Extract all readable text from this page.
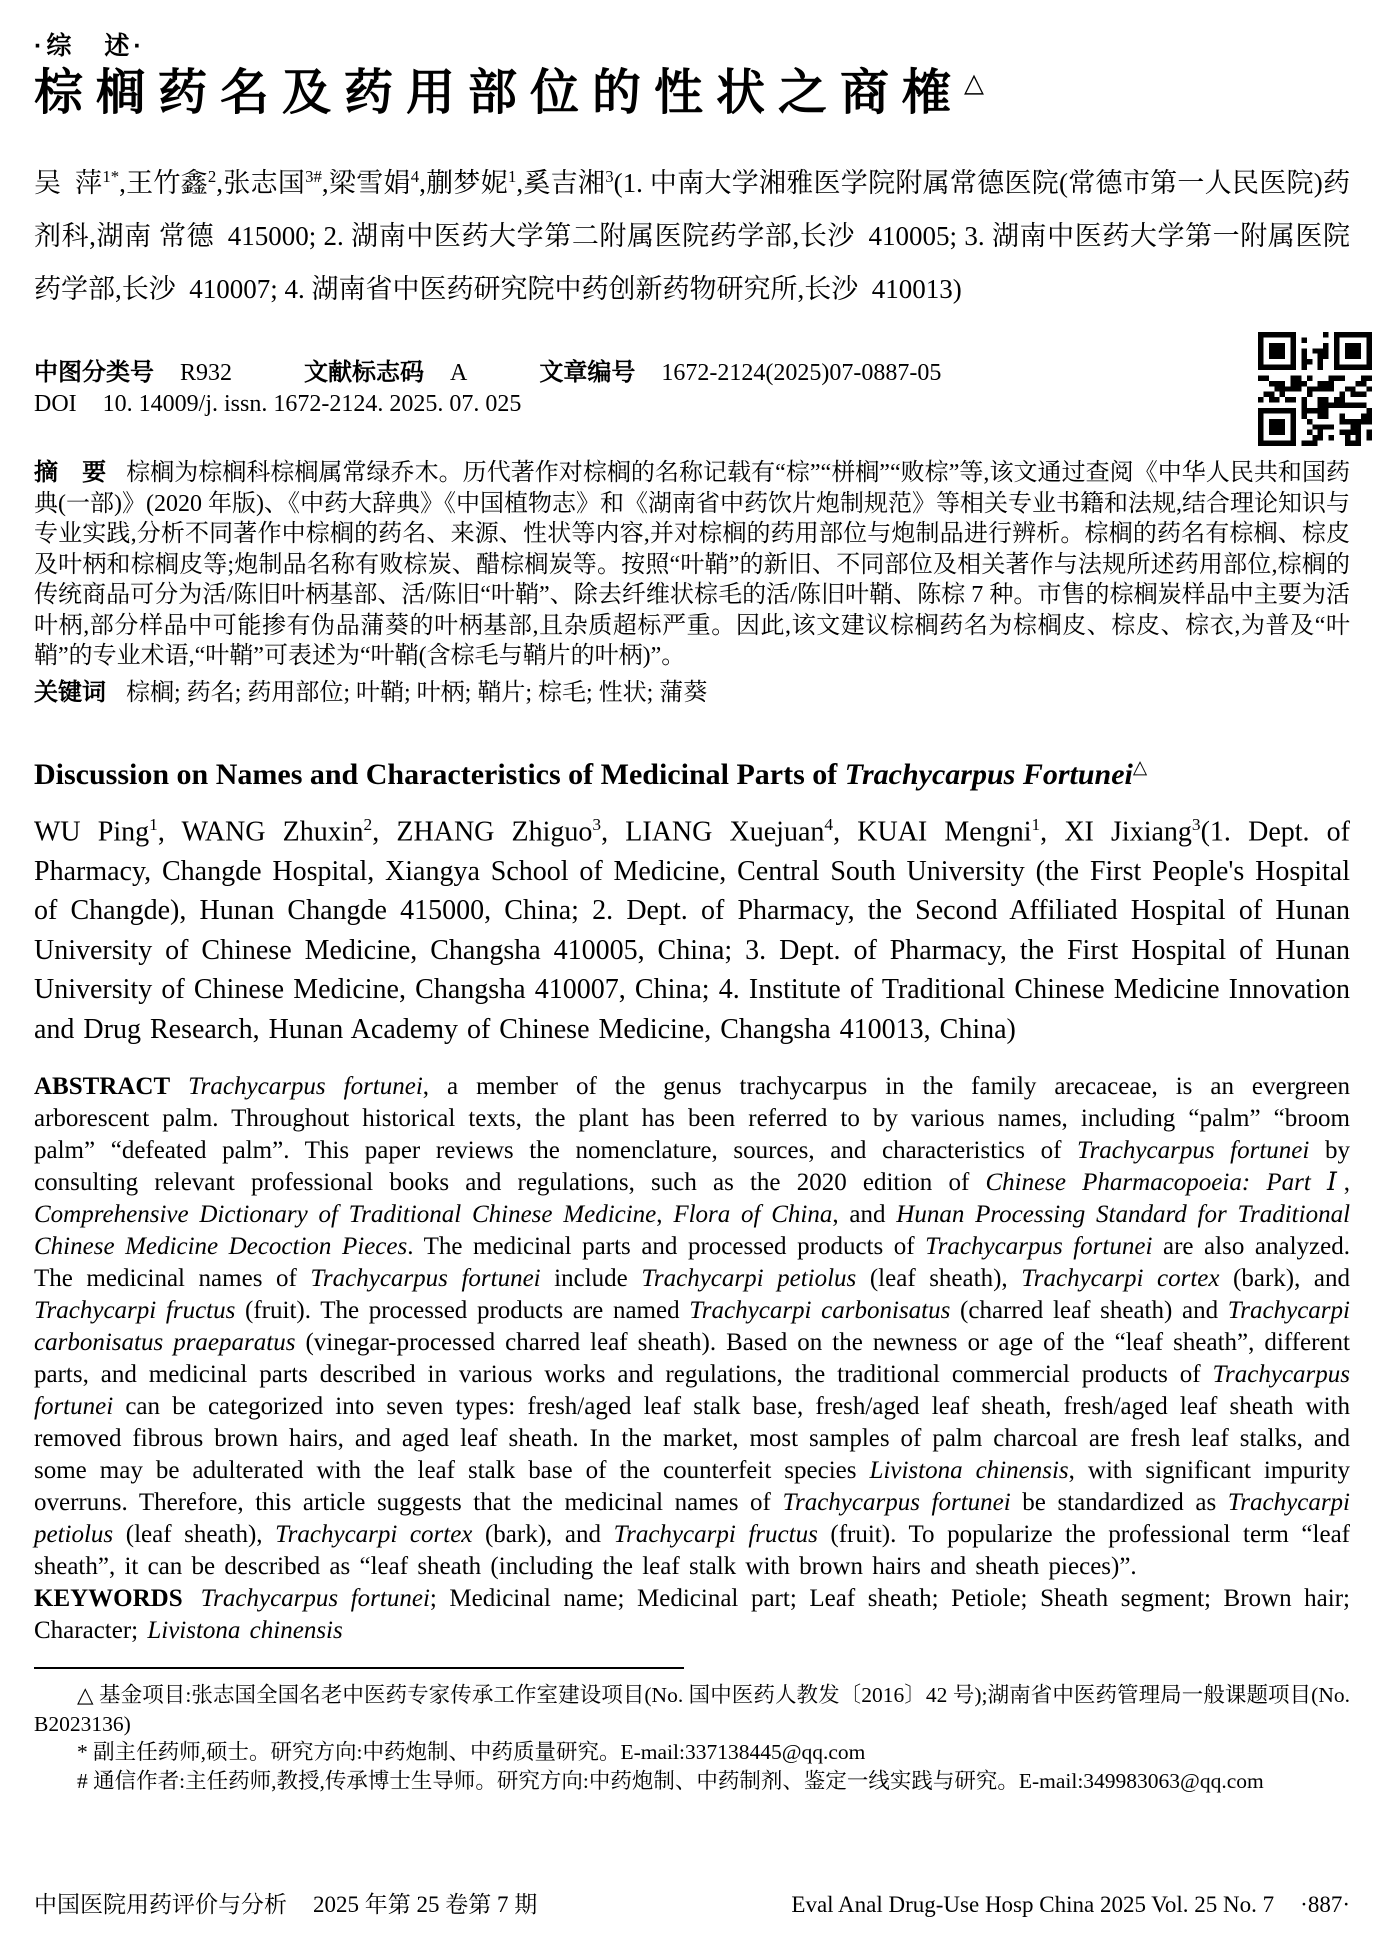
·综　述·
棕榈药名及药用部位的性状之商榷△
吴 萍$^{1*}$,王竹鑫$^2$,张志国$^{3\#}$,梁雪娟$^4$,蒯梦妮$^1$,奚吉湘$^3$(1. 中南大学湘雅医学院附属常德医院(常德市第一人民医院)药剂科,湖南 常德 415000; 2. 湖南中医药大学第二附属医院药学部,长沙 410005; 3. 湖南中医药大学第一附属医院药学部,长沙 410007; 4. 湖南省中医药研究院中药创新药物研究所,长沙 410013)
中图分类号 R932	文献标志码 A	文章编号 1672-2124(2025)07-0887-05
DOI 10. 14009/j. issn. 1672-2124. 2025. 07. 025

摘　要 棕榈为棕榈科棕榈属常绿乔木。历代著作对棕榈的名称记载有“棕”“栟榈”“败棕”等,该文通过查阅《中华人民共和国药典(一部)》(2020 年版)、《中药大辞典》《中国植物志》和《湖南省中药饮片炮制规范》等相关专业书籍和法规,结合理论知识与专业实践,分析不同著作中棕榈的药名、来源、性状等内容,并对棕榈的药用部位与炮制品进行辨析。棕榈的药名有棕榈、棕皮及叶柄和棕榈皮等;炮制品名称有败棕炭、醋棕榈炭等。按照“叶鞘”的新旧、不同部位及相关著作与法规所述药用部位,棕榈的传统商品可分为活/陈旧叶柄基部、活/陈旧“叶鞘”、除去纤维状棕毛的活/陈旧叶鞘、陈棕 7 种。市售的棕榈炭样品中主要为活叶柄,部分样品中可能掺有伪品蒲葵的叶柄基部,且杂质超标严重。因此,该文建议棕榈药名为棕榈皮、棕皮、棕衣,为普及“叶鞘”的专业术语,“叶鞘”可表述为“叶鞘(含棕毛与鞘片的叶柄)”。

关键词 棕榈; 药名; 药用部位; 叶鞘; 叶柄; 鞘片; 棕毛; 性状; 蒲葵

Discussion on Names and Characteristics of Medicinal Parts of Trachycarpus Fortunei△

WU Ping$^1$, WANG Zhuxin$^2$, ZHANG Zhiguo$^3$, LIANG Xuejuan$^4$, KUAI Mengni$^1$, XI Jixiang$^3$(1. Dept. of Pharmacy, Changde Hospital, Xiangya School of Medicine, Central South University (the First People's Hospital of Changde), Hunan Changde 415000, China; 2. Dept. of Pharmacy, the Second Affiliated Hospital of Hunan University of Chinese Medicine, Changsha 410005, China; 3. Dept. of Pharmacy, the First Hospital of Hunan University of Chinese Medicine, Changsha 410007, China; 4. Institute of Traditional Chinese Medicine Innovation and Drug Research, Hunan Academy of Chinese Medicine, Changsha 410013, China)

ABSTRACT Trachycarpus fortunei, a member of the genus trachycarpus in the family arecaceae, is an evergreen arborescent palm. Throughout historical texts, the plant has been referred to by various names, including “palm” “broom palm” “defeated palm”. This paper reviews the nomenclature, sources, and characteristics of Trachycarpus fortunei by consulting relevant professional books and regulations, such as the 2020 edition of Chinese Pharmacopoeia: Part Ⅰ, Comprehensive Dictionary of Traditional Chinese Medicine, Flora of China, and Hunan Processing Standard for Traditional Chinese Medicine Decoction Pieces. The medicinal parts and processed products of Trachycarpus fortunei are also analyzed. The medicinal names of Trachycarpus fortunei include Trachycarpi petiolus (leaf sheath), Trachycarpi cortex (bark), and Trachycarpi fructus (fruit). The processed products are named Trachycarpi carbonisatus (charred leaf sheath) and Trachycarpi carbonisatus praeparatus (vinegar-processed charred leaf sheath). Based on the newness or age of the “leaf sheath”, different parts, and medicinal parts described in various works and regulations, the traditional commercial products of Trachycarpus fortunei can be categorized into seven types: fresh/aged leaf stalk base, fresh/aged leaf sheath, fresh/aged leaf sheath with removed fibrous brown hairs, and aged leaf sheath. In the market, most samples of palm charcoal are fresh leaf stalks, and some may be adulterated with the leaf stalk base of the counterfeit species Livistona chinensis, with significant impurity overruns. Therefore, this article suggests that the medicinal names of Trachycarpus fortunei be standardized as Trachycarpi petiolus (leaf sheath), Trachycarpi cortex (bark), and Trachycarpi fructus (fruit). To popularize the professional term “leaf sheath”, it can be described as “leaf sheath (including the leaf stalk with brown hairs and sheath pieces)”.

KEYWORDS Trachycarpus fortunei; Medicinal name; Medicinal part; Leaf sheath; Petiole; Sheath segment; Brown hair; Character; Livistona chinensis

△ 基金项目:张志国全国名老中医药专家传承工作室建设项目(No. 国中医药人教发〔2016〕42 号);湖南省中医药管理局一般课题项目(No. B2023136)

* 副主任药师,硕士。研究方向:中药炮制、中药质量研究。E-mail:337138445@qq.com

# 通信作者:主任药师,教授,传承博士生导师。研究方向:中药炮制、中药制剂、鉴定一线实践与研究。E-mail:349983063@qq.com

中国医院用药评价与分析 2025 年第 25 卷第 7 期	Eval Anal Drug-Use Hosp China 2025 Vol. 25 No. 7 ·887·
